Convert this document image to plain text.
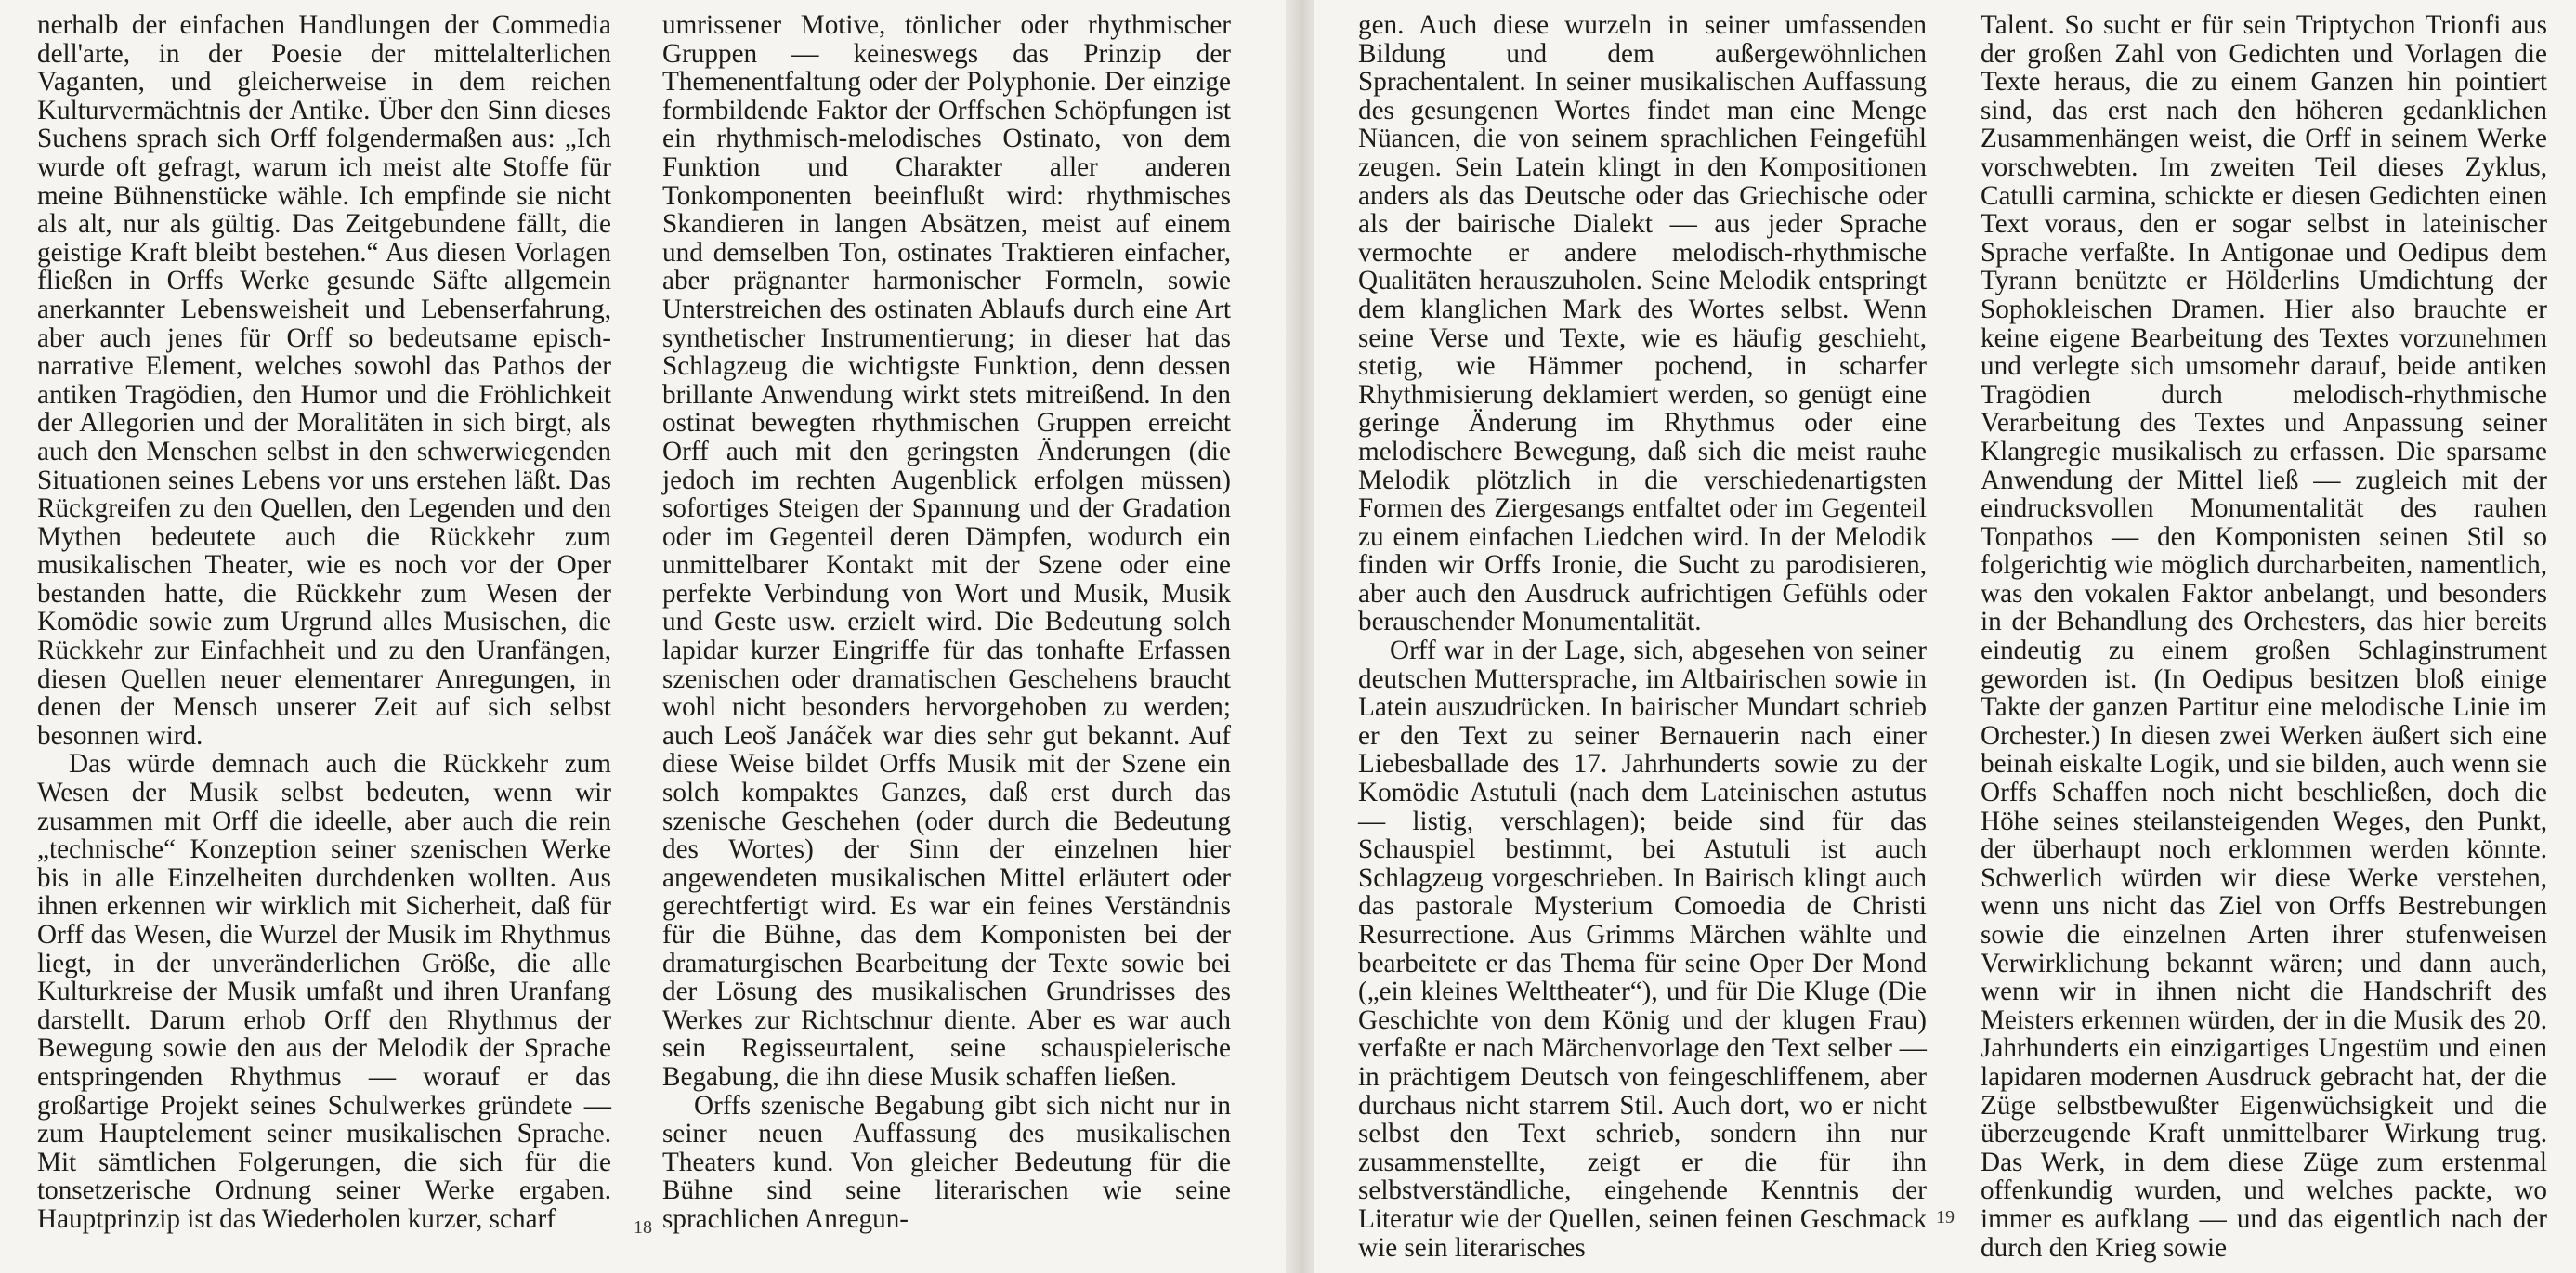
nerhalb der einfachen Handlungen der Commedia dell'arte, in der Poesie der mittelalterlichen Vaganten, und gleicherweise in dem reichen Kulturvermächtnis der Antike. Über den Sinn dieses Suchens sprach sich Orff folgendermaßen aus: „Ich wurde oft gefragt, warum ich meist alte Stoffe für meine Bühnenstücke wähle. Ich empfinde sie nicht als alt, nur als gültig. Das Zeitgebundene fällt, die geistige Kraft bleibt bestehen.“ Aus diesen Vorlagen fließen in Orffs Werke gesunde Säfte allgemein anerkannter Lebensweisheit und Lebenserfahrung, aber auch jenes für Orff so bedeutsame episch-narrative Element, welches sowohl das Pathos der antiken Tragödien, den Humor und die Fröhlichkeit der Allegorien und der Moralitäten in sich birgt, als auch den Menschen selbst in den schwerwiegenden Situationen seines Lebens vor uns erstehen läßt. Das Rückgreifen zu den Quellen, den Legenden und den Mythen bedeutete auch die Rückkehr zum musikalischen Theater, wie es noch vor der Oper bestanden hatte, die Rückkehr zum Wesen der Komödie sowie zum Urgrund alles Musischen, die Rückkehr zur Einfachheit und zu den Uranfängen, diesen Quellen neuer elementarer Anregungen, in denen der Mensch unserer Zeit auf sich selbst besonnen wird.

Das würde demnach auch die Rückkehr zum Wesen der Musik selbst bedeuten, wenn wir zusammen mit Orff die ideelle, aber auch die rein „technische“ Konzeption seiner szenischen Werke bis in alle Einzelheiten durchdenken wollten. Aus ihnen erkennen wir wirklich mit Sicherheit, daß für Orff das Wesen, die Wurzel der Musik im Rhythmus liegt, in der unveränderlichen Größe, die alle Kulturkreise der Musik umfaßt und ihren Uranfang darstellt. Darum erhob Orff den Rhythmus der Bewegung sowie den aus der Melodik der Sprache entspringenden Rhythmus — worauf er das großartige Projekt seines Schulwerkes gründete — zum Hauptelement seiner musikalischen Sprache. Mit sämtlichen Folgerungen, die sich für die tonsetzerische Ordnung seiner Werke ergaben. Hauptprinzip ist das Wiederholen kurzer, scharf

umrissener Motive, tönlicher oder rhythmischer Gruppen — keineswegs das Prinzip der Themenentfaltung oder der Polyphonie. Der einzige formbildende Faktor der Orffschen Schöpfungen ist ein rhythmisch-melodisches Ostinato, von dem Funktion und Charakter aller anderen Tonkomponenten beeinflußt wird: rhythmisches Skandieren in langen Absätzen, meist auf einem und demselben Ton, ostinates Traktieren einfacher, aber prägnanter harmonischer Formeln, sowie Unterstreichen des ostinaten Ablaufs durch eine Art synthetischer Instrumentierung; in dieser hat das Schlagzeug die wichtigste Funktion, denn dessen brillante Anwendung wirkt stets mitreißend. In den ostinat bewegten rhythmischen Gruppen erreicht Orff auch mit den geringsten Änderungen (die jedoch im rechten Augenblick erfolgen müssen) sofortiges Steigen der Spannung und der Gradation oder im Gegenteil deren Dämpfen, wodurch ein unmittelbarer Kontakt mit der Szene oder eine perfekte Verbindung von Wort und Musik, Musik und Geste usw. erzielt wird. Die Bedeutung solch lapidar kurzer Eingriffe für das tonhafte Erfassen szenischen oder dramatischen Geschehens braucht wohl nicht besonders hervorgehoben zu werden; auch Leoš Janáček war dies sehr gut bekannt. Auf diese Weise bildet Orffs Musik mit der Szene ein solch kompaktes Ganzes, daß erst durch das szenische Geschehen (oder durch die Bedeutung des Wortes) der Sinn der einzelnen hier angewendeten musikalischen Mittel erläutert oder gerechtfertigt wird. Es war ein feines Verständnis für die Bühne, das dem Komponisten bei der dramaturgischen Bearbeitung der Texte sowie bei der Lösung des musikalischen Grundrisses des Werkes zur Richtschnur diente. Aber es war auch sein Regisseurtalent, seine schauspielerische Begabung, die ihn diese Musik schaffen ließen.

Orffs szenische Begabung gibt sich nicht nur in seiner neuen Auffassung des musikalischen Theaters kund. Von gleicher Bedeutung für die Bühne sind seine literarischen wie seine sprachlichen Anregun-

gen. Auch diese wurzeln in seiner umfassenden Bildung und dem außergewöhnlichen Sprachentalent. In seiner musikalischen Auffassung des gesungenen Wortes findet man eine Menge Nüancen, die von seinem sprachlichen Feingefühl zeugen. Sein Latein klingt in den Kompositionen anders als das Deutsche oder das Griechische oder als der bairische Dialekt — aus jeder Sprache vermochte er andere melodisch-rhythmische Qualitäten herauszuholen. Seine Melodik entspringt dem klanglichen Mark des Wortes selbst. Wenn seine Verse und Texte, wie es häufig geschieht, stetig, wie Hämmer pochend, in scharfer Rhythmisierung deklamiert werden, so genügt eine geringe Änderung im Rhythmus oder eine melodischere Bewegung, daß sich die meist rauhe Melodik plötzlich in die verschiedenartigsten Formen des Ziergesangs entfaltet oder im Gegenteil zu einem einfachen Liedchen wird. In der Melodik finden wir Orffs Ironie, die Sucht zu parodisieren, aber auch den Ausdruck aufrichtigen Gefühls oder berauschender Monumentalität.

Orff war in der Lage, sich, abgesehen von seiner deutschen Muttersprache, im Altbairischen sowie in Latein auszudrücken. In bairischer Mundart schrieb er den Text zu seiner Bernauerin nach einer Liebesballade des 17. Jahrhunderts sowie zu der Komödie Astutuli (nach dem Lateinischen astutus — listig, verschlagen); beide sind für das Schauspiel bestimmt, bei Astutuli ist auch Schlagzeug vorgeschrieben. In Bairisch klingt auch das pastorale Mysterium Comoedia de Christi Resurrectione. Aus Grimms Märchen wählte und bearbeitete er das Thema für seine Oper Der Mond („ein kleines Welttheater“), und für Die Kluge (Die Geschichte von dem König und der klugen Frau) verfaßte er nach Märchenvorlage den Text selber — in prächtigem Deutsch von feingeschliffenem, aber durchaus nicht starrem Stil. Auch dort, wo er nicht selbst den Text schrieb, sondern ihn nur zusammenstellte, zeigt er die für ihn selbstverständliche, eingehende Kenntnis der Literatur wie der Quellen, seinen feinen Geschmack wie sein literarisches

Talent. So sucht er für sein Triptychon Trionfi aus der großen Zahl von Gedichten und Vorlagen die Texte heraus, die zu einem Ganzen hin pointiert sind, das erst nach den höheren gedanklichen Zusammenhängen weist, die Orff in seinem Werke vorschwebten. Im zweiten Teil dieses Zyklus, Catulli carmina, schickte er diesen Gedichten einen Text voraus, den er sogar selbst in lateinischer Sprache verfaßte. In Antigonae und Oedipus dem Tyrann benützte er Hölderlins Umdichtung der Sophokleischen Dramen. Hier also brauchte er keine eigene Bearbeitung des Textes vorzunehmen und verlegte sich umsomehr darauf, beide antiken Tragödien durch melodisch-rhythmische Verarbeitung des Textes und Anpassung seiner Klangregie musikalisch zu erfassen. Die sparsame Anwendung der Mittel ließ — zugleich mit der eindrucksvollen Monumentalität des rauhen Tonpathos — den Komponisten seinen Stil so folgerichtig wie möglich durcharbeiten, namentlich, was den vokalen Faktor anbelangt, und besonders in der Behandlung des Orchesters, das hier bereits eindeutig zu einem großen Schlaginstrument geworden ist. (In Oedipus besitzen bloß einige Takte der ganzen Partitur eine melodische Linie im Orchester.) In diesen zwei Werken äußert sich eine beinah eiskalte Logik, und sie bilden, auch wenn sie Orffs Schaffen noch nicht beschließen, doch die Höhe seines steilansteigenden Weges, den Punkt, der überhaupt noch erklommen werden könnte. Schwerlich würden wir diese Werke verstehen, wenn uns nicht das Ziel von Orffs Bestrebungen sowie die einzelnen Arten ihrer stufenweisen Verwirklichung bekannt wären; und dann auch, wenn wir in ihnen nicht die Handschrift des Meisters erkennen würden, der in die Musik des 20. Jahrhunderts ein einzigartiges Ungestüm und einen lapidaren modernen Ausdruck gebracht hat, der die Züge selbstbewußter Eigenwüchsigkeit und die überzeugende Kraft unmittelbarer Wirkung trug. Das Werk, in dem diese Züge zum erstenmal offenkundig wurden, und welches packte, wo immer es aufklang — und das eigentlich nach der durch den Krieg sowie

18	19
